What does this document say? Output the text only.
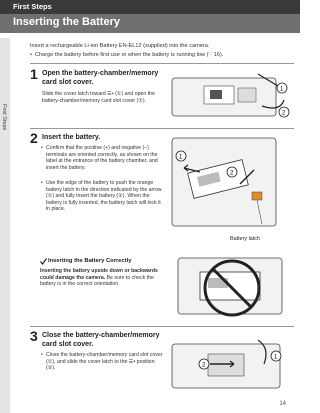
First Steps
Inserting the Battery
First Steps
Insert a rechargeable Li-ion Battery EN-EL12 (supplied) into the camera.
• Charge the battery before first use or when the battery is running low (∷ 16).
1 Open the battery-chamber/memory card slot cover.
Slide the cover latch toward ☰• (①) and open the battery-chamber/memory card slot cover (②).
1
2
2 Insert the battery.
• Confirm that the positive (+) and negative (–) terminals are oriented correctly, as shown on the label at the entrance of the battery chamber, and insert the battery.
• Use the edge of the battery to push the orange battery latch in the direction indicated by the arrow (①) and fully insert the battery (②). When the battery is fully inserted, the battery latch will lock it in place.
1
2
Battery latch
Inserting the Battery Correctly
Inserting the battery upside down or backwards could damage the camera. Be sure to check the battery is in the correct orientation.
3 Close the battery-chamber/memory card slot cover.
• Close the battery-chamber/memory card slot cover (①), and slide the cover latch to the ☰• position (②).
1
2
14
